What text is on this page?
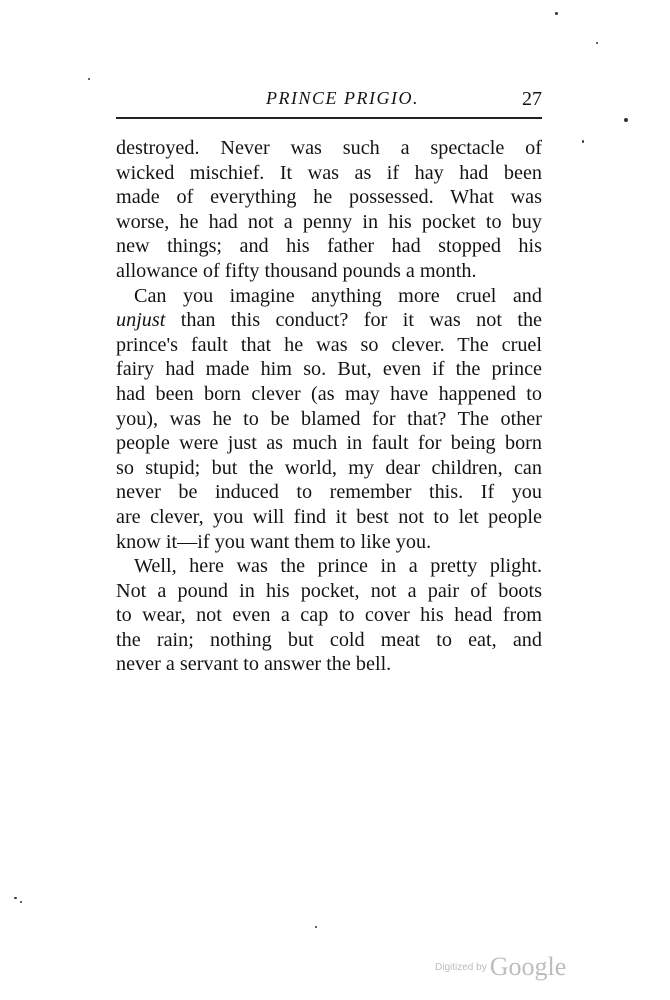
PRINCE PRIGIO.	27
destroyed. Never was such a spectacle of
wicked mischief. It was as if hay had been
made of everything he possessed. What was
worse, he had not a penny in his pocket to buy
new things; and his father had stopped his
allowance of fifty thousand pounds a month.
Can you imagine anything more cruel and
unjust than this conduct? for it was not the
prince's fault that he was so clever. The cruel
fairy had made him so. But, even if the prince
had been born clever (as may have happened to
you), was he to be blamed for that? The other
people were just as much in fault for being born
so stupid; but the world, my dear children, can
never be induced to remember this. If you
are clever, you will find it best not to let people
know it—if you want them to like you.
Well, here was the prince in a pretty plight.
Not a pound in his pocket, not a pair of boots
to wear, not even a cap to cover his head from
the rain; nothing but cold meat to eat, and
never a servant to answer the bell.
$^{Digitized by}$ Google
